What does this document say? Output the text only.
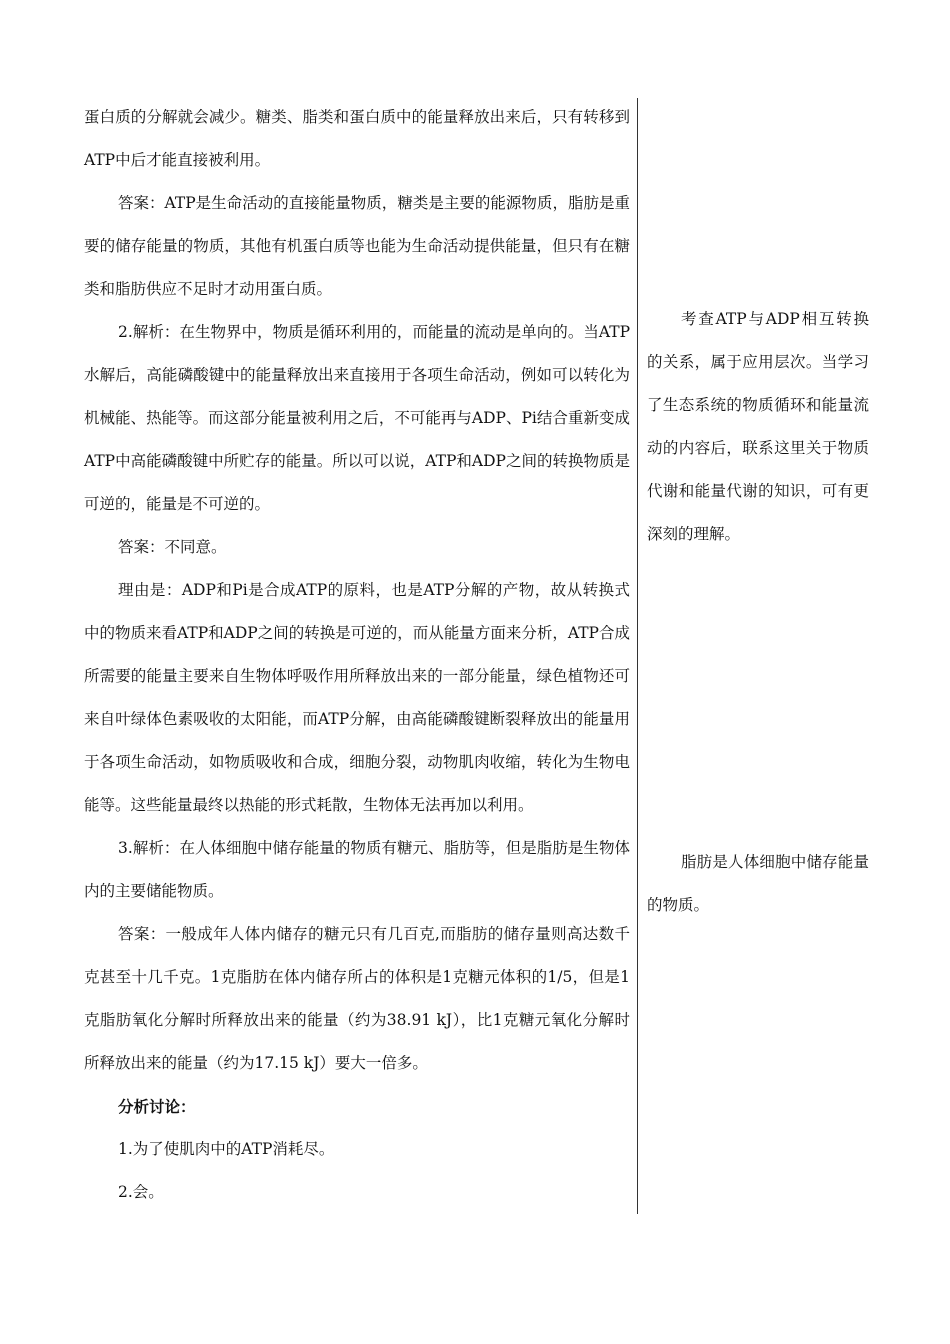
蛋白质的分解就会减少。糖类、脂类和蛋白质中的能量释放出来后，只有转移到ATP中后才能直接被利用。

答案：ATP是生命活动的直接能量物质，糖类是主要的能源物质，脂肪是重要的储存能量的物质，其他有机蛋白质等也能为生命活动提供能量，但只有在糖类和脂肪供应不足时才动用蛋白质。

2.解析：在生物界中，物质是循环利用的，而能量的流动是单向的。当ATP水解后，高能磷酸键中的能量释放出来直接用于各项生命活动，例如可以转化为机械能、热能等。而这部分能量被利用之后，不可能再与ADP、Pi结合重新变成ATP中高能磷酸键中所贮存的能量。所以可以说，ATP和ADP之间的转换物质是可逆的，能量是不可逆的。

答案：不同意。

理由是：ADP和Pi是合成ATP的原料，也是ATP分解的产物，故从转换式中的物质来看ATP和ADP之间的转换是可逆的，而从能量方面来分析，ATP合成所需要的能量主要来自生物体呼吸作用所释放出来的一部分能量，绿色植物还可来自叶绿体色素吸收的太阳能，而ATP分解，由高能磷酸键断裂释放出的能量用于各项生命活动，如物质吸收和合成，细胞分裂，动物肌肉收缩，转化为生物电能等。这些能量最终以热能的形式耗散，生物体无法再加以利用。

3.解析：在人体细胞中储存能量的物质有糖元、脂肪等，但是脂肪是生物体内的主要储能物质。

答案：一般成年人体内储存的糖元只有几百克,而脂肪的储存量则高达数千克甚至十几千克。1克脂肪在体内储存所占的体积是1克糖元体积的1/5，但是1克脂肪氧化分解时所释放出来的能量（约为38.91 kJ），比1克糖元氧化分解时所释放出来的能量（约为17.15 kJ）要大一倍多。

分析讨论：

1.为了使肌肉中的ATP消耗尽。

2.会。

考查ATP与ADP相互转换的关系，属于应用层次。当学习了生态系统的物质循环和能量流动的内容后，联系这里关于物质代谢和能量代谢的知识，可有更深刻的理解。

脂肪是人体细胞中储存能量的物质。
